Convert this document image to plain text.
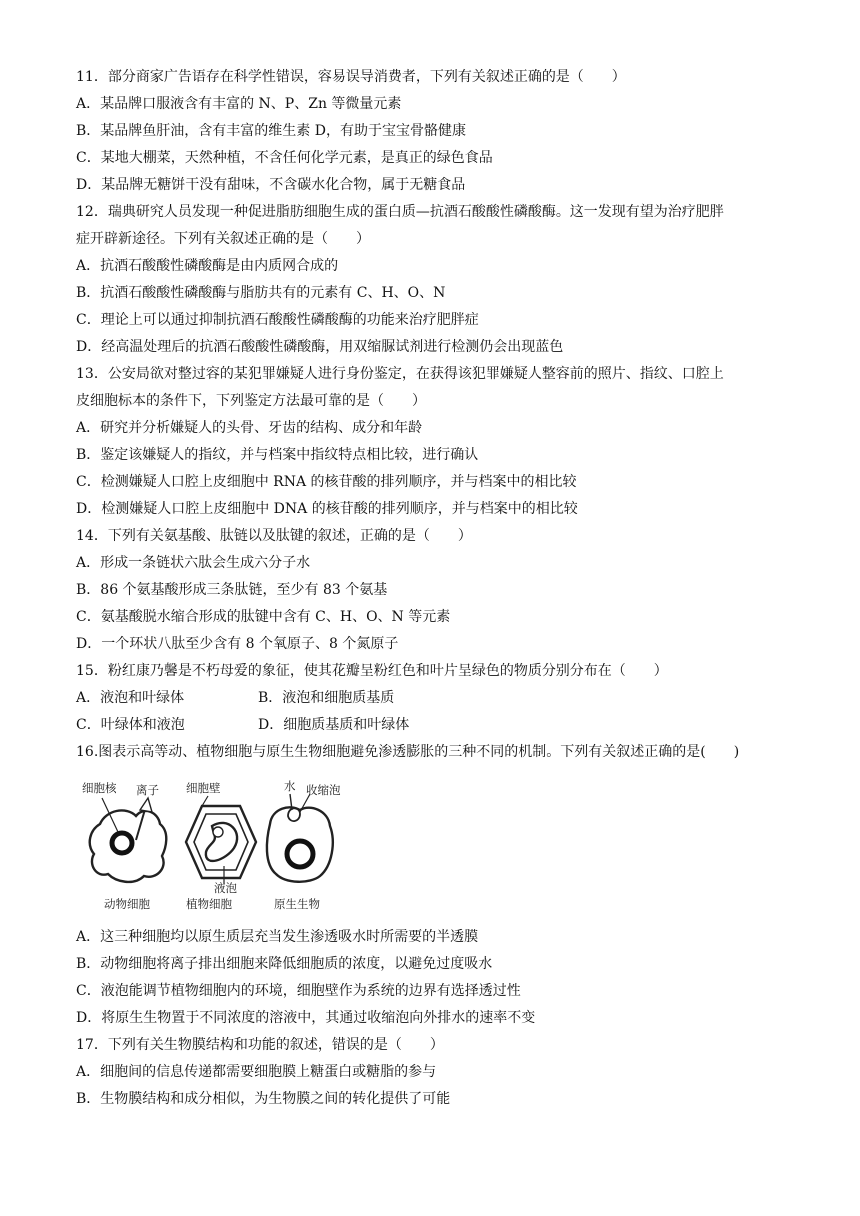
11．部分商家广告语存在科学性错误，容易误导消费者，下列有关叙述正确的是（　　）
A．某品牌口服液含有丰富的 N、P、Zn 等微量元素
B．某品牌鱼肝油，含有丰富的维生素 D，有助于宝宝骨骼健康
C．某地大棚菜，天然种植，不含任何化学元素，是真正的绿色食品
D．某品牌无糖饼干没有甜味，不含碳水化合物，属于无糖食品
12．瑞典研究人员发现一种促进脂肪细胞生成的蛋白质—抗酒石酸酸性磷酸酶。这一发现有望为治疗肥胖
症开辟新途径。下列有关叙述正确的是（　　）
A．抗酒石酸酸性磷酸酶是由内质网合成的
B．抗酒石酸酸性磷酸酶与脂肪共有的元素有 C、H、O、N
C．理论上可以通过抑制抗酒石酸酸性磷酸酶的功能来治疗肥胖症
D．经高温处理后的抗酒石酸酸性磷酸酶，用双缩脲试剂进行检测仍会出现蓝色
13．公安局欲对整过容的某犯罪嫌疑人进行身份鉴定，在获得该犯罪嫌疑人整容前的照片、指纹、口腔上
皮细胞标本的条件下，下列鉴定方法最可靠的是（　　）
A．研究并分析嫌疑人的头骨、牙齿的结构、成分和年龄
B．鉴定该嫌疑人的指纹，并与档案中指纹特点相比较，进行确认
C．检测嫌疑人口腔上皮细胞中 RNA 的核苷酸的排列顺序，并与档案中的相比较
D．检测嫌疑人口腔上皮细胞中 DNA 的核苷酸的排列顺序，并与档案中的相比较
14．下列有关氨基酸、肽链以及肽键的叙述，正确的是（　　）
A．形成一条链状六肽会生成六分子水
B．86 个氨基酸形成三条肽链，至少有 83 个氨基
C．氨基酸脱水缩合形成的肽键中含有 C、H、O、N 等元素
D．一个环状八肽至少含有 8 个氧原子、8 个氮原子
15．粉红康乃馨是不朽母爱的象征，使其花瓣呈粉红色和叶片呈绿色的物质分别分布在（　　）
A．液泡和叶绿体	B．液泡和细胞质基质
C．叶绿体和液泡	D．细胞质基质和叶绿体
16.图表示高等动、植物细胞与原生生物细胞避免渗透膨胀的三种不同的机制。下列有关叙述正确的是(　　)
细胞核 离子 细胞壁	水 收缩泡
液泡
动物细胞	植物细胞	原生生物
A．这三种细胞均以原生质层充当发生渗透吸水时所需要的半透膜
B．动物细胞将离子排出细胞来降低细胞质的浓度，以避免过度吸水
C．液泡能调节植物细胞内的环境，细胞壁作为系统的边界有选择透过性
D．将原生生物置于不同浓度的溶液中，其通过收缩泡向外排水的速率不变
17．下列有关生物膜结构和功能的叙述，错误的是（　　）
A．细胞间的信息传递都需要细胞膜上糖蛋白或糖脂的参与
B．生物膜结构和成分相似，为生物膜之间的转化提供了可能
